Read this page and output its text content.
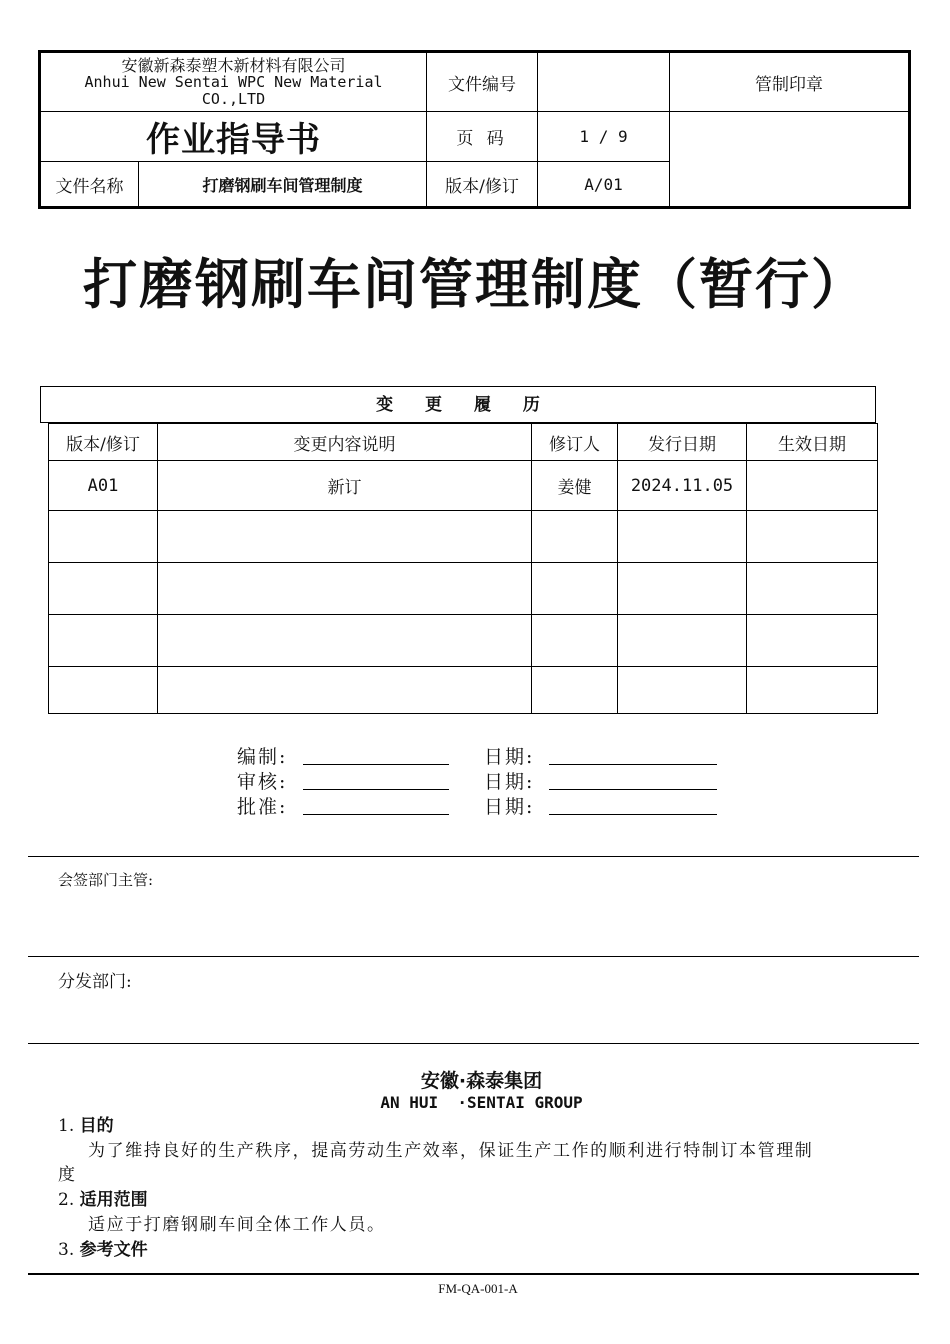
安徽新森泰塑木新材料有限公司
Anhui New Sentai WPC New Material CO.,LTD		文件编号		管制印章
作业指导书		页 码	1 / 9	
文件名称	打磨钢刷车间管理制度	版本/修订	A/01	
打磨钢刷车间管理制度（暂行）
变 更 履 历
版本/修订	变更内容说明	修订人	发行日期	生效日期
A01	新订	姜健	2024.11.05	

编制:	日期:
审核:	日期:
批准:	日期:
会签部门主管:
分发部门:
安徽·森泰集团
AN HUI  ·SENTAI GROUP
1. 目的
为了维持良好的生产秩序，提高劳动生产效率，保证生产工作的顺利进行特制订本管理制
度
2. 适用范围
适应于打磨钢刷车间全体工作人员。
3. 参考文件
FM-QA-001-A
